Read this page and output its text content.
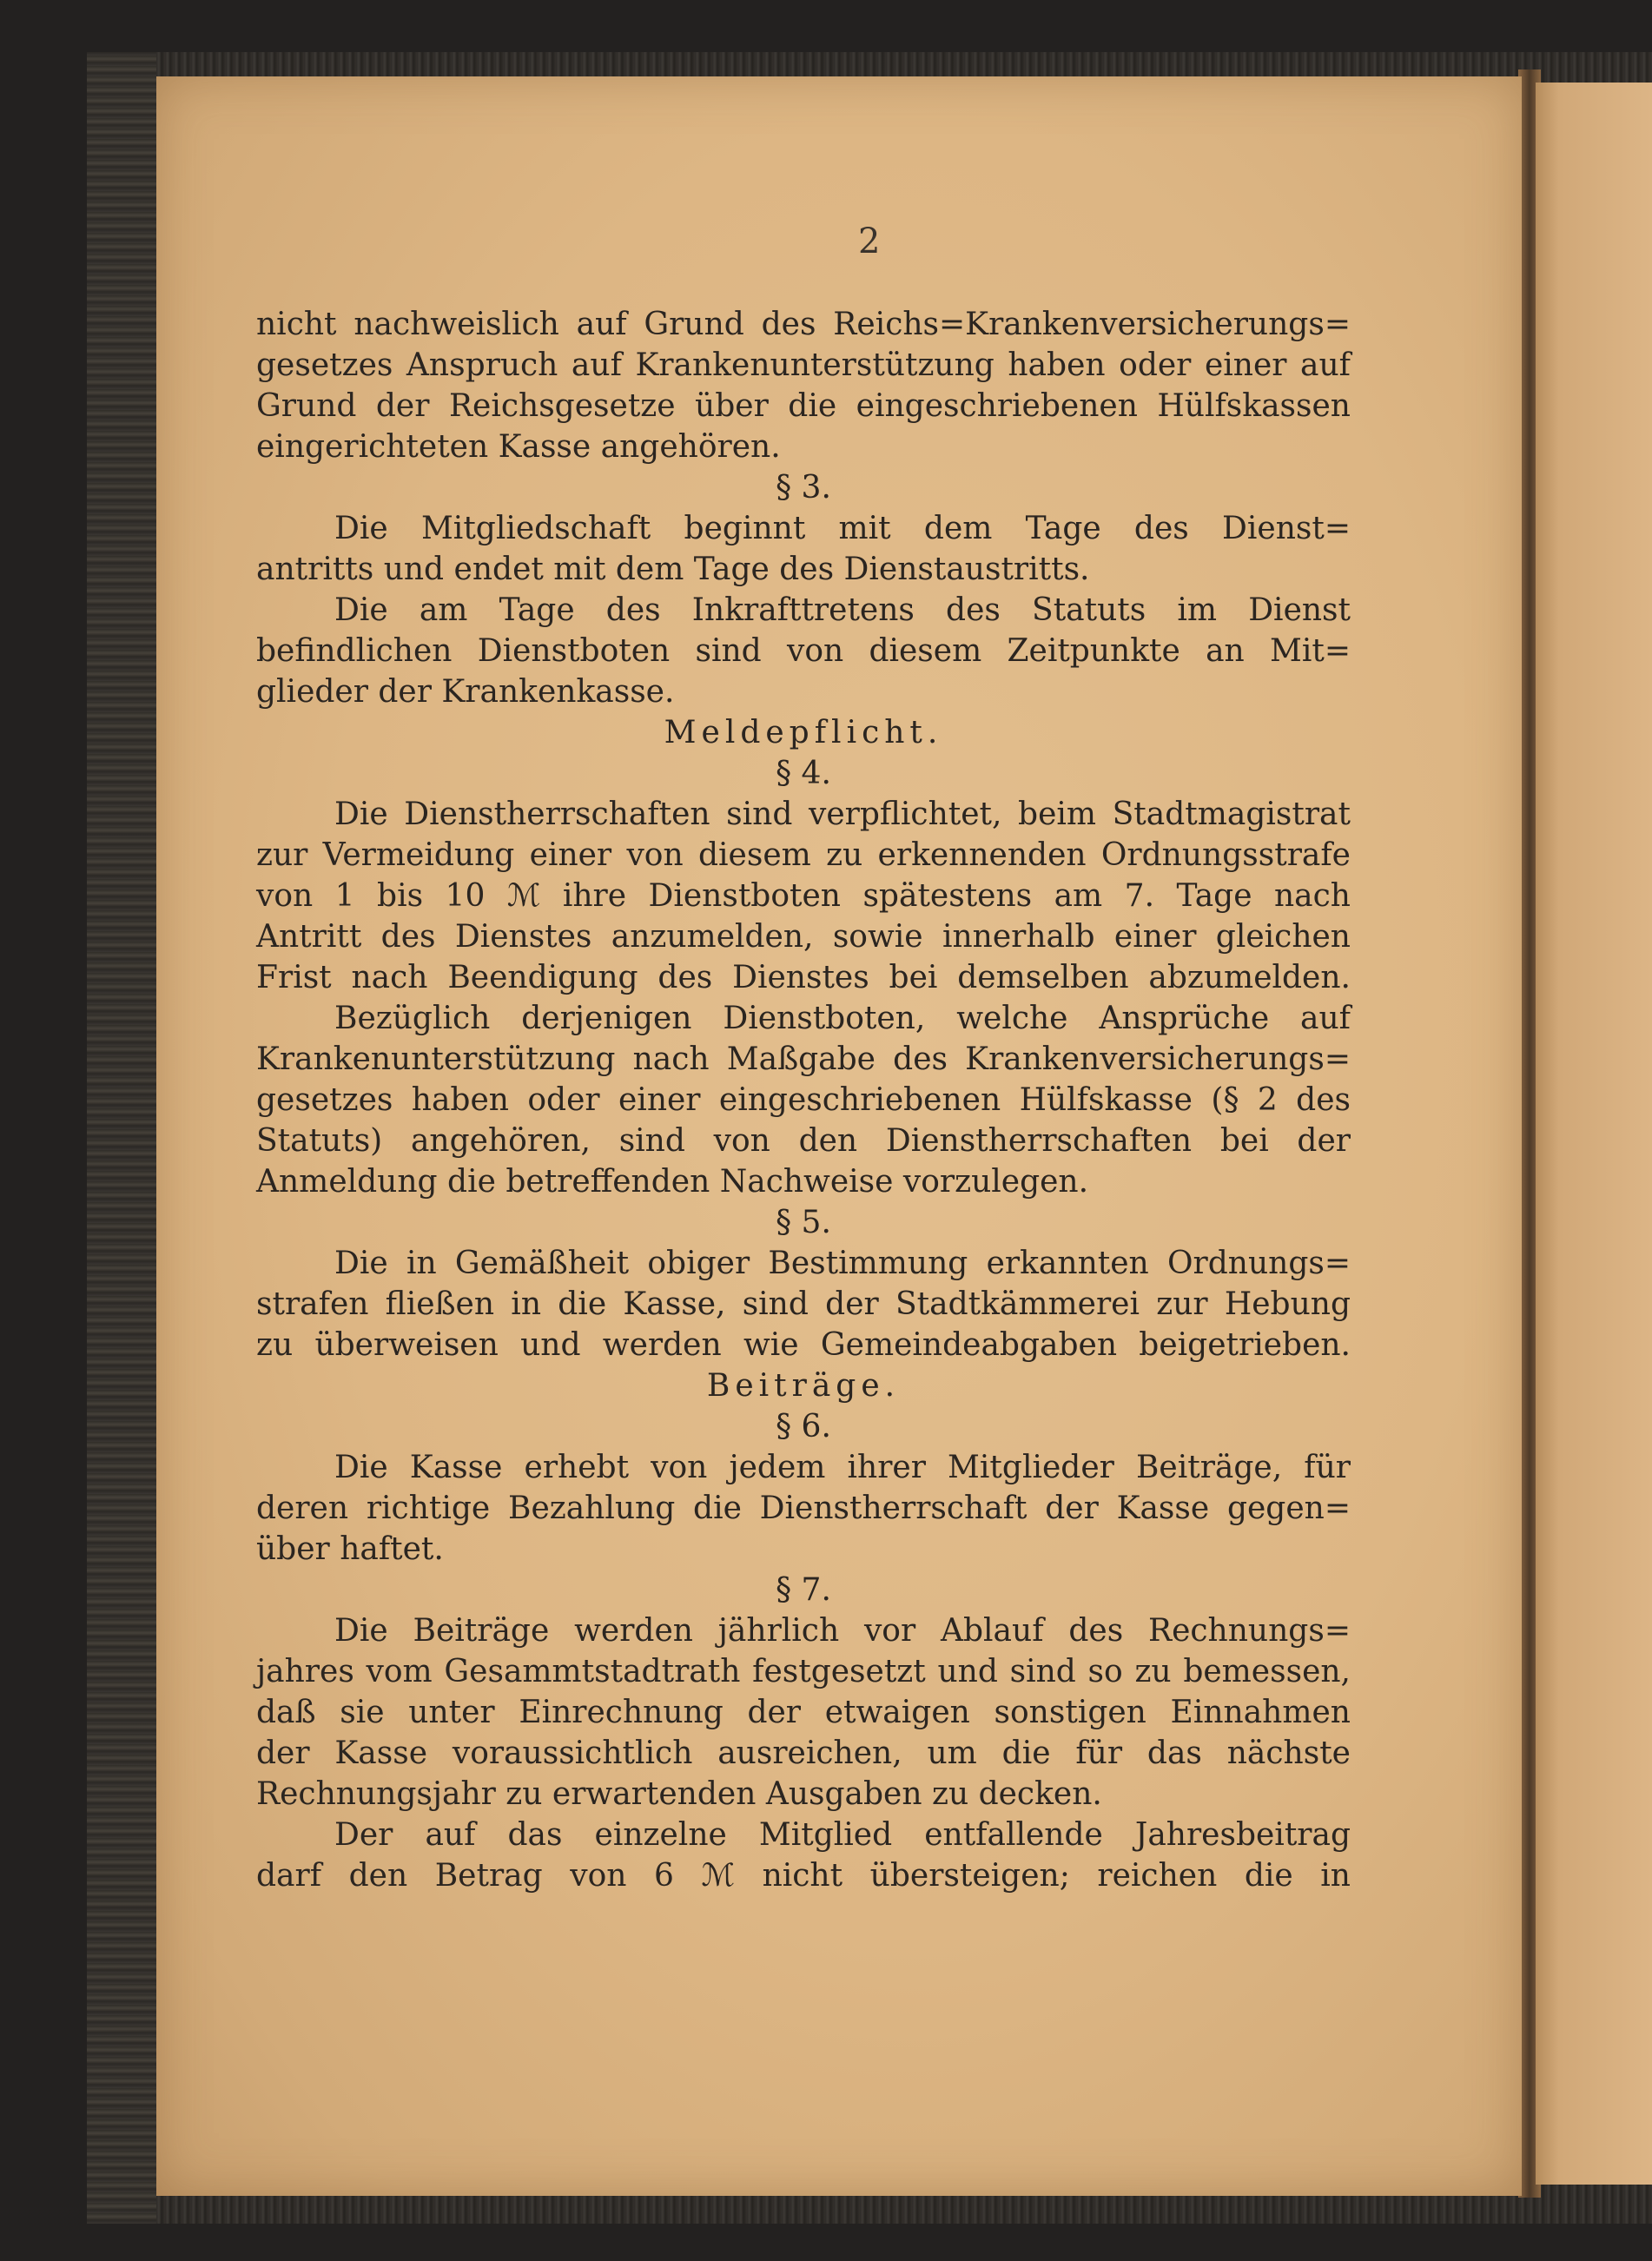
2
nicht nachweislich auf Grund des Reichs=Krankenversicherungs=
gesetzes Anspruch auf Krankenunterstützung haben oder einer auf
Grund der Reichsgesetze über die eingeschriebenen Hülfskassen
eingerichteten Kasse angehören.
§ 3.
Die Mitgliedschaft beginnt mit dem Tage des Dienst=
antritts und endet mit dem Tage des Dienstaustritts.
Die am Tage des Inkrafttretens des Statuts im Dienst
befindlichen Dienstboten sind von diesem Zeitpunkte an Mit=
glieder der Krankenkasse.
Meldepflicht.
§ 4.
Die Dienstherrschaften sind verpflichtet, beim Stadtmagistrat
zur Vermeidung einer von diesem zu erkennenden Ordnungsstrafe
von 1 bis 10 ℳ ihre Dienstboten spätestens am 7. Tage nach
Antritt des Dienstes anzumelden, sowie innerhalb einer gleichen
Frist nach Beendigung des Dienstes bei demselben abzumelden.
Bezüglich derjenigen Dienstboten, welche Ansprüche auf
Krankenunterstützung nach Maßgabe des Krankenversicherungs=
gesetzes haben oder einer eingeschriebenen Hülfskasse (§ 2 des
Statuts) angehören, sind von den Dienstherrschaften bei der
Anmeldung die betreffenden Nachweise vorzulegen.
§ 5.
Die in Gemäßheit obiger Bestimmung erkannten Ordnungs=
strafen fließen in die Kasse, sind der Stadtkämmerei zur Hebung
zu überweisen und werden wie Gemeindeabgaben beigetrieben.
Beiträge.
§ 6.
Die Kasse erhebt von jedem ihrer Mitglieder Beiträge, für
deren richtige Bezahlung die Dienstherrschaft der Kasse gegen=
über haftet.
§ 7.
Die Beiträge werden jährlich vor Ablauf des Rechnungs=
jahres vom Gesammtstadtrath festgesetzt und sind so zu bemessen,
daß sie unter Einrechnung der etwaigen sonstigen Einnahmen
der Kasse voraussichtlich ausreichen, um die für das nächste
Rechnungsjahr zu erwartenden Ausgaben zu decken.
Der auf das einzelne Mitglied entfallende Jahresbeitrag
darf den Betrag von 6 ℳ nicht übersteigen; reichen die in
